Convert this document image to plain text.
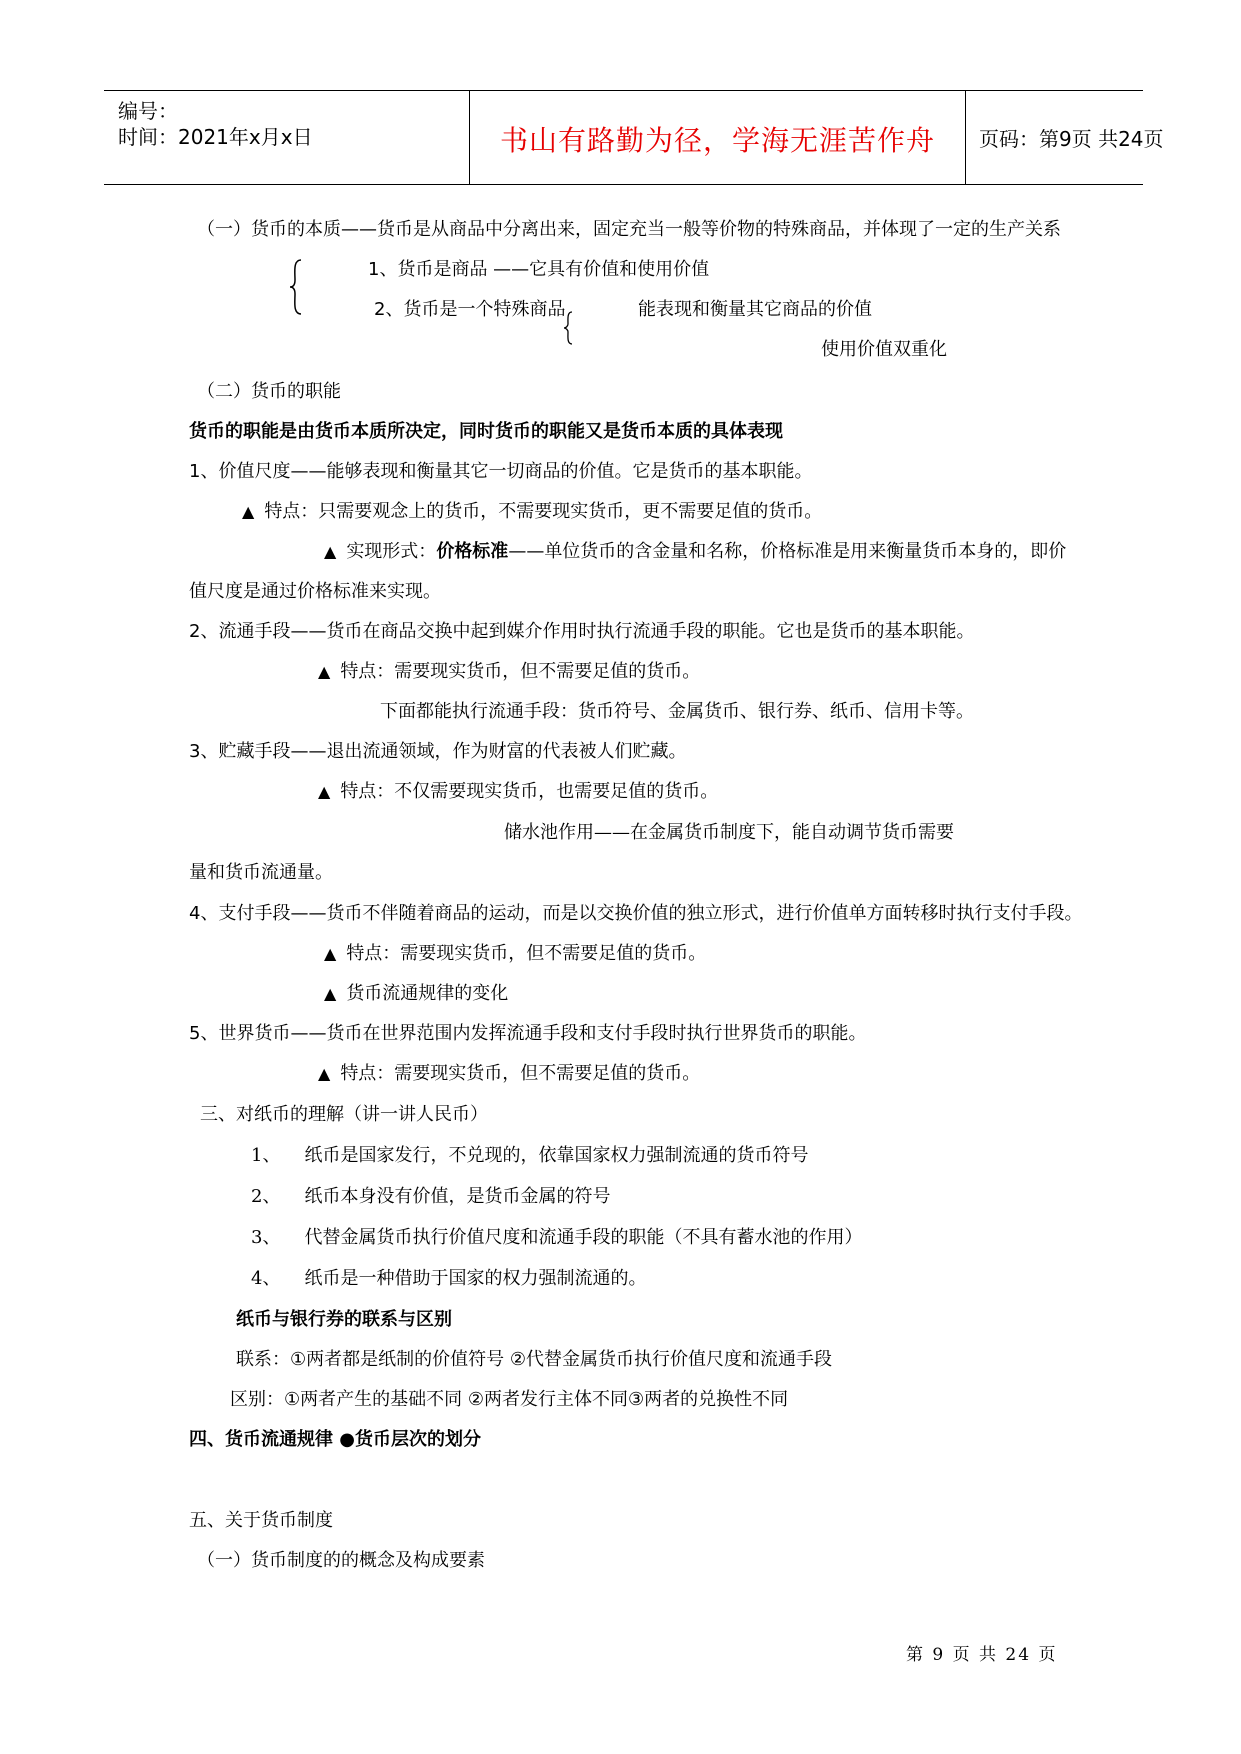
编号：
时间：2021年x月x日	书山有路勤为径，学海无涯苦作舟	页码：第9页 共24页
（一）货币的本质——货币是从商品中分离出来，固定充当一般等价物的特殊商品，并体现了一定的生产关系
1、货币是商品 ——它具有价值和使用价值
2、货币是一个特殊商品	能表现和衡量其它商品的价值
使用价值双重化
（二）货币的职能
货币的职能是由货币本质所决定，同时货币的职能又是货币本质的具体表现
1、价值尺度——能够表现和衡量其它一切商品的价值。它是货币的基本职能。
▲ 特点：只需要观念上的货币，不需要现实货币，更不需要足值的货币。
▲ 实现形式：价格标准——单位货币的含金量和名称，价格标准是用来衡量货币本身的，即价
值尺度是通过价格标准来实现。
2、流通手段——货币在商品交换中起到媒介作用时执行流通手段的职能。它也是货币的基本职能。
▲ 特点：需要现实货币，但不需要足值的货币。
下面都能执行流通手段：货币符号、金属货币、银行券、纸币、信用卡等。
3、贮藏手段——退出流通领域，作为财富的代表被人们贮藏。
▲ 特点：不仅需要现实货币，也需要足值的货币。
储水池作用——在金属货币制度下，能自动调节货币需要
量和货币流通量。
4、支付手段——货币不伴随着商品的运动，而是以交换价值的独立形式，进行价值单方面转移时执行支付手段。
▲ 特点：需要现实货币，但不需要足值的货币。
▲ 货币流通规律的变化
5、世界货币——货币在世界范围内发挥流通手段和支付手段时执行世界货币的职能。
▲ 特点：需要现实货币，但不需要足值的货币。
三、对纸币的理解（讲一讲人民币）
1、 纸币是国家发行，不兑现的，依靠国家权力强制流通的货币符号
2、 纸币本身没有价值，是货币金属的符号
3、 代替金属货币执行价值尺度和流通手段的职能（不具有蓄水池的作用）
4、 纸币是一种借助于国家的权力强制流通的。
纸币与银行券的联系与区别
联系：①两者都是纸制的价值符号 ②代替金属货币执行价值尺度和流通手段
区别：①两者产生的基础不同 ②两者发行主体不同③两者的兑换性不同
四、货币流通规律 ●货币层次的划分
五、关于货币制度
（一）货币制度的的概念及构成要素
第 9 页 共 24 页
